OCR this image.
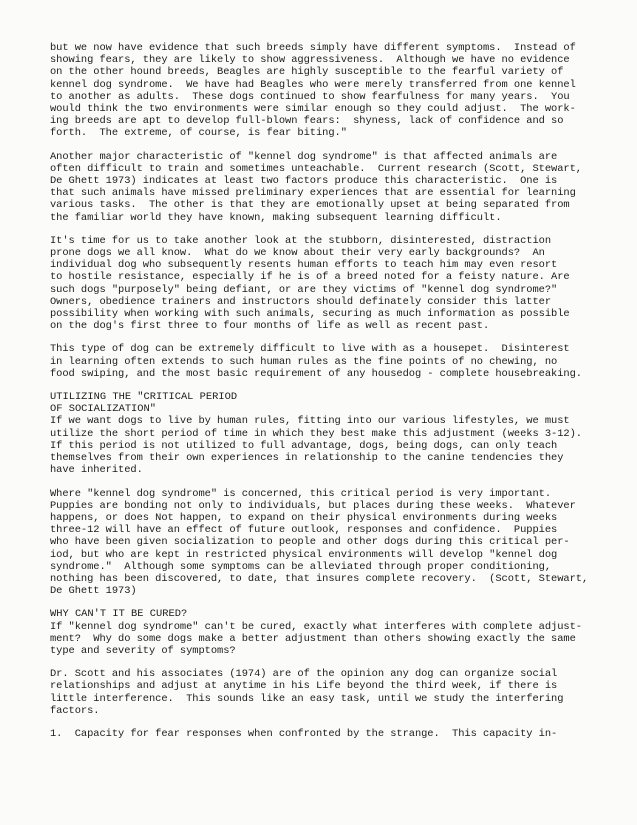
but we now have evidence that such breeds simply have different symptoms.  Instead of
showing fears, they are likely to show aggressiveness.  Although we have no evidence
on the other hound breeds, Beagles are highly susceptible to the fearful variety of
kennel dog syndrome.  We have had Beagles who were merely transferred from one kennel
to another as adults.  These dogs continued to show fearfulness for many years.  You
would think the two environments were similar enough so they could adjust.  The work-
ing breeds are apt to develop full-blown fears:  shyness, lack of confidence and so
forth.  The extreme, of course, is fear biting."
Another major characteristic of "kennel dog syndrome" is that affected animals are
often difficult to train and sometimes unteachable.  Current research (Scott, Stewart,
De Ghett 1973) indicates at least two factors produce this characteristic.  One is
that such animals have missed preliminary experiences that are essential for learning
various tasks.  The other is that they are emotionally upset at being separated from
the familiar world they have known, making subsequent learning difficult.
It's time for us to take another look at the stubborn, disinterested, distraction
prone dogs we all know.  What do we know about their very early backgrounds?  An
individual dog who subsequently resents human efforts to teach him may even resort
to hostile resistance, especially if he is of a breed noted for a feisty nature. Are
such dogs "purposely" being defiant, or are they victims of "kennel dog syndrome?"
Owners, obedience trainers and instructors should definately consider this latter
possibility when working with such animals, securing as much information as possible
on the dog's first three to four months of life as well as recent past.
This type of dog can be extremely difficult to live with as a housepet.  Disinterest
in learning often extends to such human rules as the fine points of no chewing, no
food swiping, and the most basic requirement of any housedog - complete housebreaking.
UTILIZING THE "CRITICAL PERIOD
OF SOCIALIZATION"
If we want dogs to live by human rules, fitting into our various lifestyles, we must
utilize the short period of time in which they best make this adjustment (weeks 3-12).
If this period is not utilized to full advantage, dogs, being dogs, can only teach
themselves from their own experiences in relationship to the canine tendencies they
have inherited.
Where "kennel dog syndrome" is concerned, this critical period is very important.
Puppies are bonding not only to individuals, but places during these weeks.  Whatever
happens, or does Not happen, to expand on their physical environments during weeks
three-12 will have an effect of future outlook, responses and confidence.  Puppies
who have been given socialization to people and other dogs during this critical per-
iod, but who are kept in restricted physical environments will develop "kennel dog
syndrome."  Although some symptoms can be alleviated through proper conditioning,
nothing has been discovered, to date, that insures complete recovery.  (Scott, Stewart,
De Ghett 1973)
WHY CAN'T IT BE CURED?
If "kennel dog syndrome" can't be cured, exactly what interferes with complete adjust-
ment?  Why do some dogs make a better adjustment than others showing exactly the same
type and severity of symptoms?
Dr. Scott and his associates (1974) are of the opinion any dog can organize social
relationships and adjust at anytime in his Life beyond the third week, if there is
little interference.  This sounds like an easy task, until we study the interfering
factors.
1.  Capacity for fear responses when confronted by the strange.  This capacity in-
